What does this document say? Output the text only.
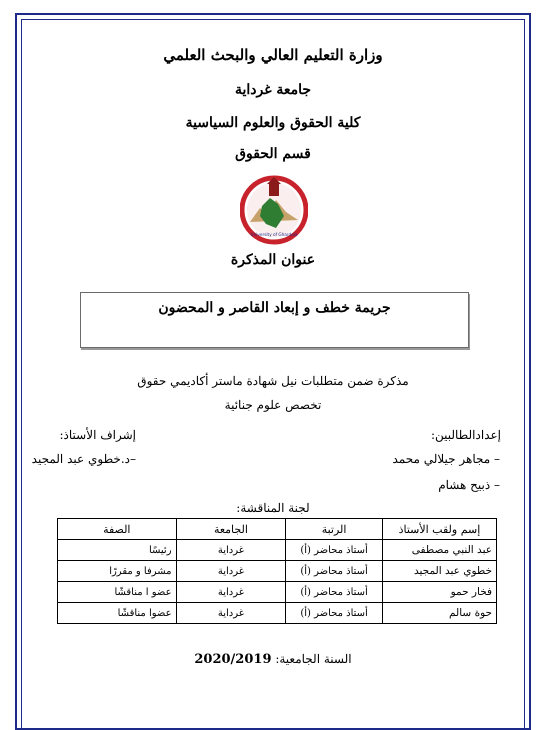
وزارة التعليم العالي والبحث العلمي
جامعة غرداية
كلية الحقوق والعلوم السياسية
قسم الحقوق
University of Ghardaia
عنوان المذكرة
جريمة خطف و إبعاد القاصر و المحضون
مذكرة ضمن متطلبات نيل شهادة ماستر أكاديمي حقوق
تخصص علوم جنائية
إعدادالطالبين:
إشراف الأستاذ:
– مجاهر جيلالي محمد
– ذبيح هشام
–د.خطوي عبد المجيد
لجنة المناقشة:
إسم ولقب الأستاذ	الرتبة	الجامعة	الصفة
عبد النبي مصطفى	أستاذ محاضر (أ)	غرداية	رئيسًا
خطوي عبد المجيد	أستاذ محاضر (أ)	غرداية	مشرفا و مقررًا
فخار حمو	أستاذ محاضر (أ)	غرداية	عضو ا مناقشًا
حوة سالم	أستاذ محاضر (أ)	غرداية	عضوا مناقشًا
السنة الجامعية: 2020/2019
